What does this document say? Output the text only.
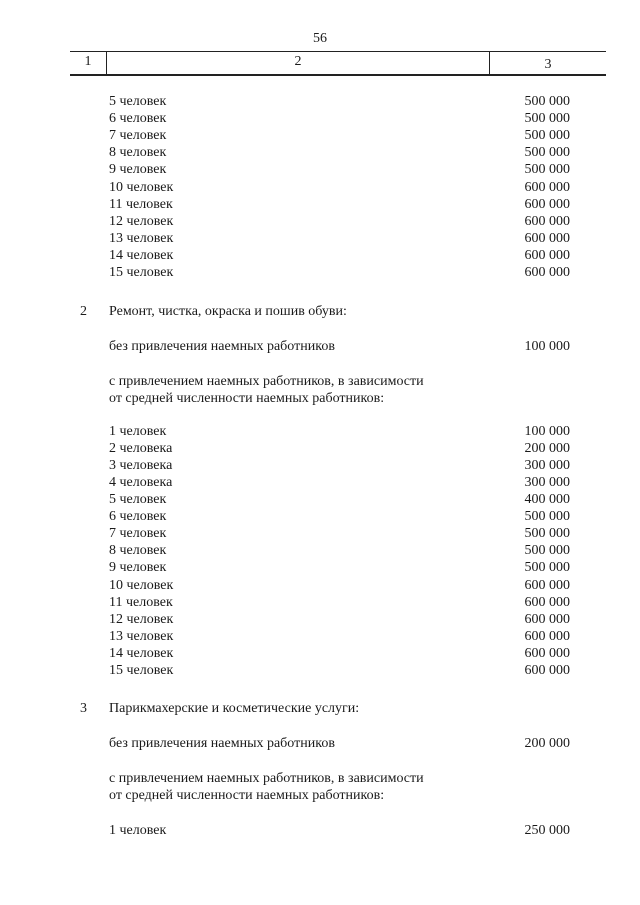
56
1	2	3
5 человек	500 000
6 человек	500 000
7 человек	500 000
8 человек	500 000
9 человек	500 000
10 человек	600 000
11 человек	600 000
12 человек	600 000
13 человек	600 000
14 человек	600 000
15 человек	600 000
2 Ремонт, чистка, окраска и пошив обуви:
без привлечения наемных работников	100 000
с привлечением наемных работников, в зависимости
от средней численности наемных работников:
1 человек	100 000
2 человека	200 000
3 человека	300 000
4 человека	300 000
5 человек	400 000
6 человек	500 000
7 человек	500 000
8 человек	500 000
9 человек	500 000
10 человек	600 000
11 человек	600 000
12 человек	600 000
13 человек	600 000
14 человек	600 000
15 человек	600 000
3 Парикмахерские и косметические услуги:
без привлечения наемных работников	200 000
с привлечением наемных работников, в зависимости
от средней численности наемных работников:
1 человек	250 000
